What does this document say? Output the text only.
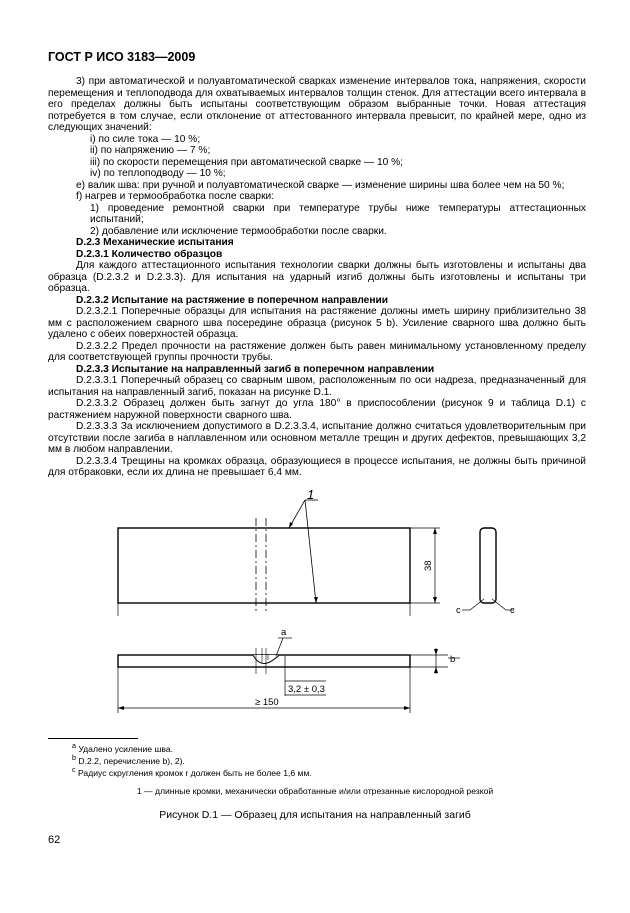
ГОСТ Р ИСО 3183—2009

3) при автоматической и полуавтоматической сварках изменение интервалов тока, напряжения, скорости перемещения и теплоподвода для охватываемых интервалов толщин стенок. Для аттестации всего интервала в его пределах должны быть испытаны соответствующим образом выбранные точки. Новая аттестация потребуется в том случае, если отклонение от аттестованного интервала превысит, по крайней мере, одно из следующих значений:

i) по силе тока — 10 %;

ii) по напряжению — 7 %;

iii) по скорости перемещения при автоматической сварке — 10 %;

iv) по теплоподводу — 10 %;

e) валик шва: при ручной и полуавтоматической сварке — изменение ширины шва более чем на 50 %;

f) нагрев и термообработка после сварки:

1) проведение ремонтной сварки при температуре трубы ниже температуры аттестационных испытаний;

2) добавление или исключение термообработки после сварки.

D.2.3 Механические испытания

D.2.3.1 Количество образцов

Для каждого аттестационного испытания технологии сварки должны быть изготовлены и испытаны два образца (D.2.3.2 и D.2.3.3). Для испытания на ударный изгиб должны быть изготовлены и испытаны три образца.

D.2.3.2 Испытание на растяжение в поперечном направлении

D.2.3.2.1 Поперечные образцы для испытания на растяжение должны иметь ширину приблизительно 38 мм с расположением сварного шва посередине образца (рисунок 5 b). Усиление сварного шва должно быть удалено с обеих поверхностей образца.

D.2.3.2.2 Предел прочности на растяжение должен быть равен минимальному установленному пределу для соответствующей группы прочности трубы.

D.2.3.3 Испытание на направленный загиб в поперечном направлении

D.2.3.3.1 Поперечный образец со сварным швом, расположенным по оси надреза, предназначенный для испытания на направленный загиб, показан на рисунке D.1.

D.2.3.3.2 Образец должен быть загнут до угла 180° в приспособлении (рисунок 9 и таблица D.1) с растяжением наружной поверхности сварного шва.

D.2.3.3.3 За исключением допустимого в D.2.3.3.4, испытание должно считаться удовлетворительным при отсутствии после загиба в наплавленном или основном металле трещин и других дефектов, превышающих 3,2 мм в любом направлении.

D.2.3.3.4 Трещины на кромках образца, образующиеся в процессе испытания, не должны быть причиной для отбраковки, если их длина не превышает 6,4 мм.

1
38
a
b
c	c
3,2 ± 0,3
≥ 150
$^a$ Удалено усиление шва.
$^b$ D.2.2, перечисление b), 2).
$^c$ Радиус скругления кромок r должен быть не более 1,6 мм.
1 — длинные кромки, механически обработанные и/или отрезанные кислородной резкой
Рисунок D.1 — Образец для испытания на направленный загиб
62
